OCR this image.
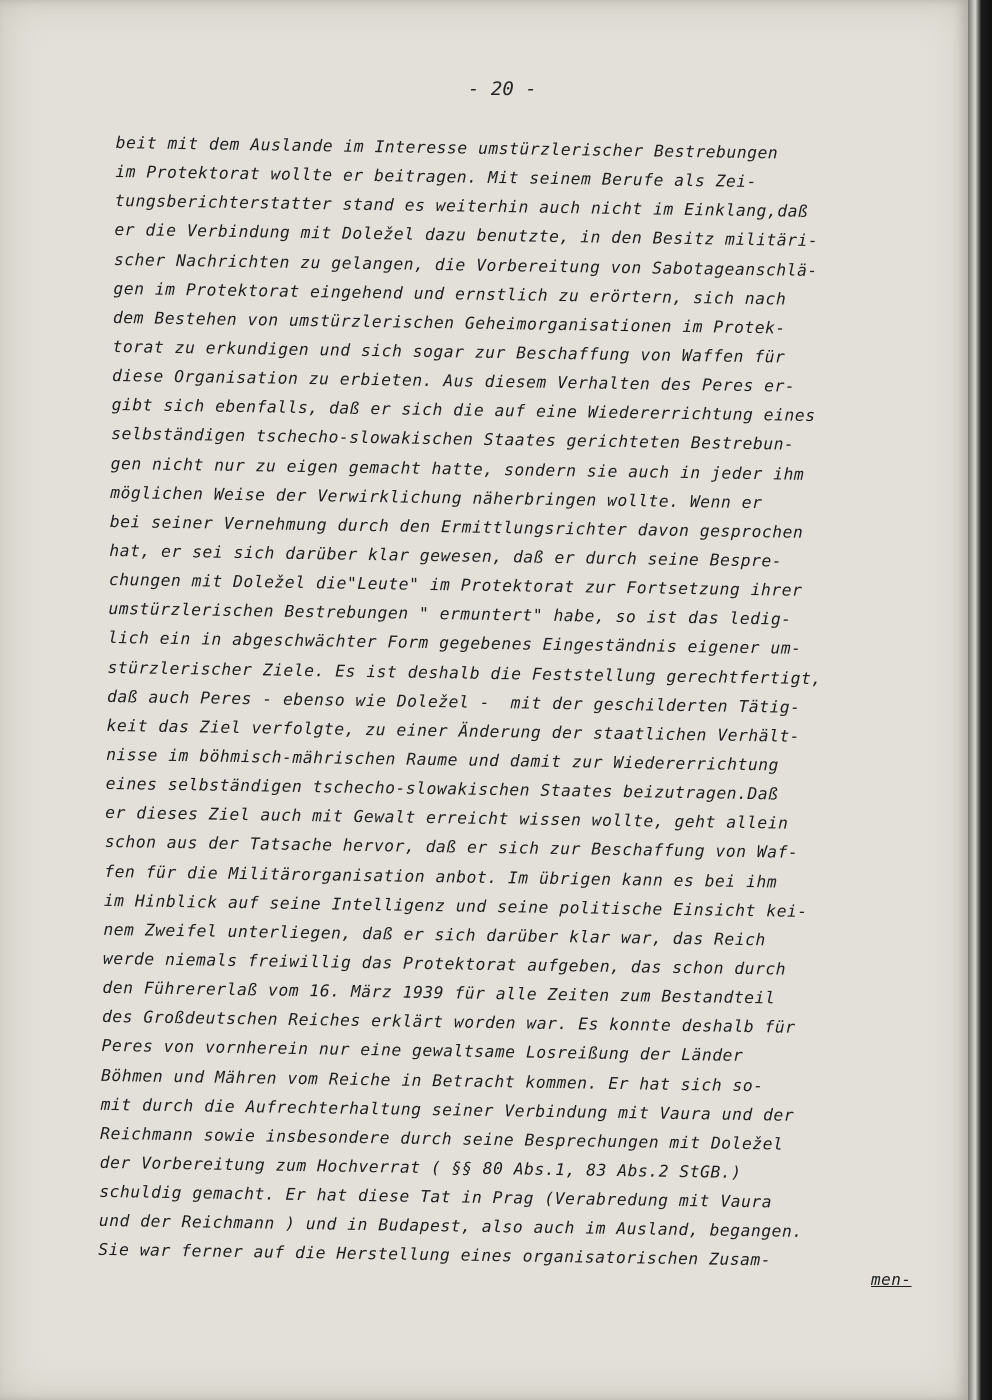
- 20 -
beit mit dem Auslande im Interesse umstürzlerischer Bestrebungen
im Protektorat wollte er beitragen. Mit seinem Berufe als Zei-
tungsberichterstatter stand es weiterhin auch nicht im Einklang,daß
er die Verbindung mit Doležel dazu benutzte, in den Besitz militäri-
scher Nachrichten zu gelangen, die Vorbereitung von Sabotageanschlä-
gen im Protektorat eingehend und ernstlich zu erörtern, sich nach
dem Bestehen von umstürzlerischen Geheimorganisationen im Protek-
torat zu erkundigen und sich sogar zur Beschaffung von Waffen für
diese Organisation zu erbieten. Aus diesem Verhalten des Peres er-
gibt sich ebenfalls, daß er sich die auf eine Wiedererrichtung eines
selbständigen tschecho-slowakischen Staates gerichteten Bestrebun-
gen nicht nur zu eigen gemacht hatte, sondern sie auch in jeder ihm
möglichen Weise der Verwirklichung näherbringen wollte. Wenn er
bei seiner Vernehmung durch den Ermittlungsrichter davon gesprochen
hat, er sei sich darüber klar gewesen, daß er durch seine Bespre-
chungen mit Doležel die"Leute" im Protektorat zur Fortsetzung ihrer
umstürzlerischen Bestrebungen " ermuntert" habe, so ist das ledig-
lich ein in abgeschwächter Form gegebenes Eingeständnis eigener um-
stürzlerischer Ziele. Es ist deshalb die Feststellung gerechtfertigt,
daß auch Peres - ebenso wie Doležel -  mit der geschilderten Tätig-
keit das Ziel verfolgte, zu einer Änderung der staatlichen Verhält-
nisse im böhmisch-mährischen Raume und damit zur Wiedererrichtung
eines selbständigen tschecho-slowakischen Staates beizutragen.Daß
er dieses Ziel auch mit Gewalt erreicht wissen wollte, geht allein
schon aus der Tatsache hervor, daß er sich zur Beschaffung von Waf-
fen für die Militärorganisation anbot. Im übrigen kann es bei ihm
im Hinblick auf seine Intelligenz und seine politische Einsicht kei-
nem Zweifel unterliegen, daß er sich darüber klar war, das Reich
werde niemals freiwillig das Protektorat aufgeben, das schon durch
den Führererlaß vom 16. März 1939 für alle Zeiten zum Bestandteil
des Großdeutschen Reiches erklärt worden war. Es konnte deshalb für
Peres von vornherein nur eine gewaltsame Losreißung der Länder
Böhmen und Mähren vom Reiche in Betracht kommen. Er hat sich so-
mit durch die Aufrechterhaltung seiner Verbindung mit Vaura und der
Reichmann sowie insbesondere durch seine Besprechungen mit Doležel
der Vorbereitung zum Hochverrat ( §§ 80 Abs.1, 83 Abs.2 StGB.)
schuldig gemacht. Er hat diese Tat in Prag (Verabredung mit Vaura
und der Reichmann ) und in Budapest, also auch im Ausland, begangen.
Sie war ferner auf die Herstellung eines organisatorischen Zusam-
men-
